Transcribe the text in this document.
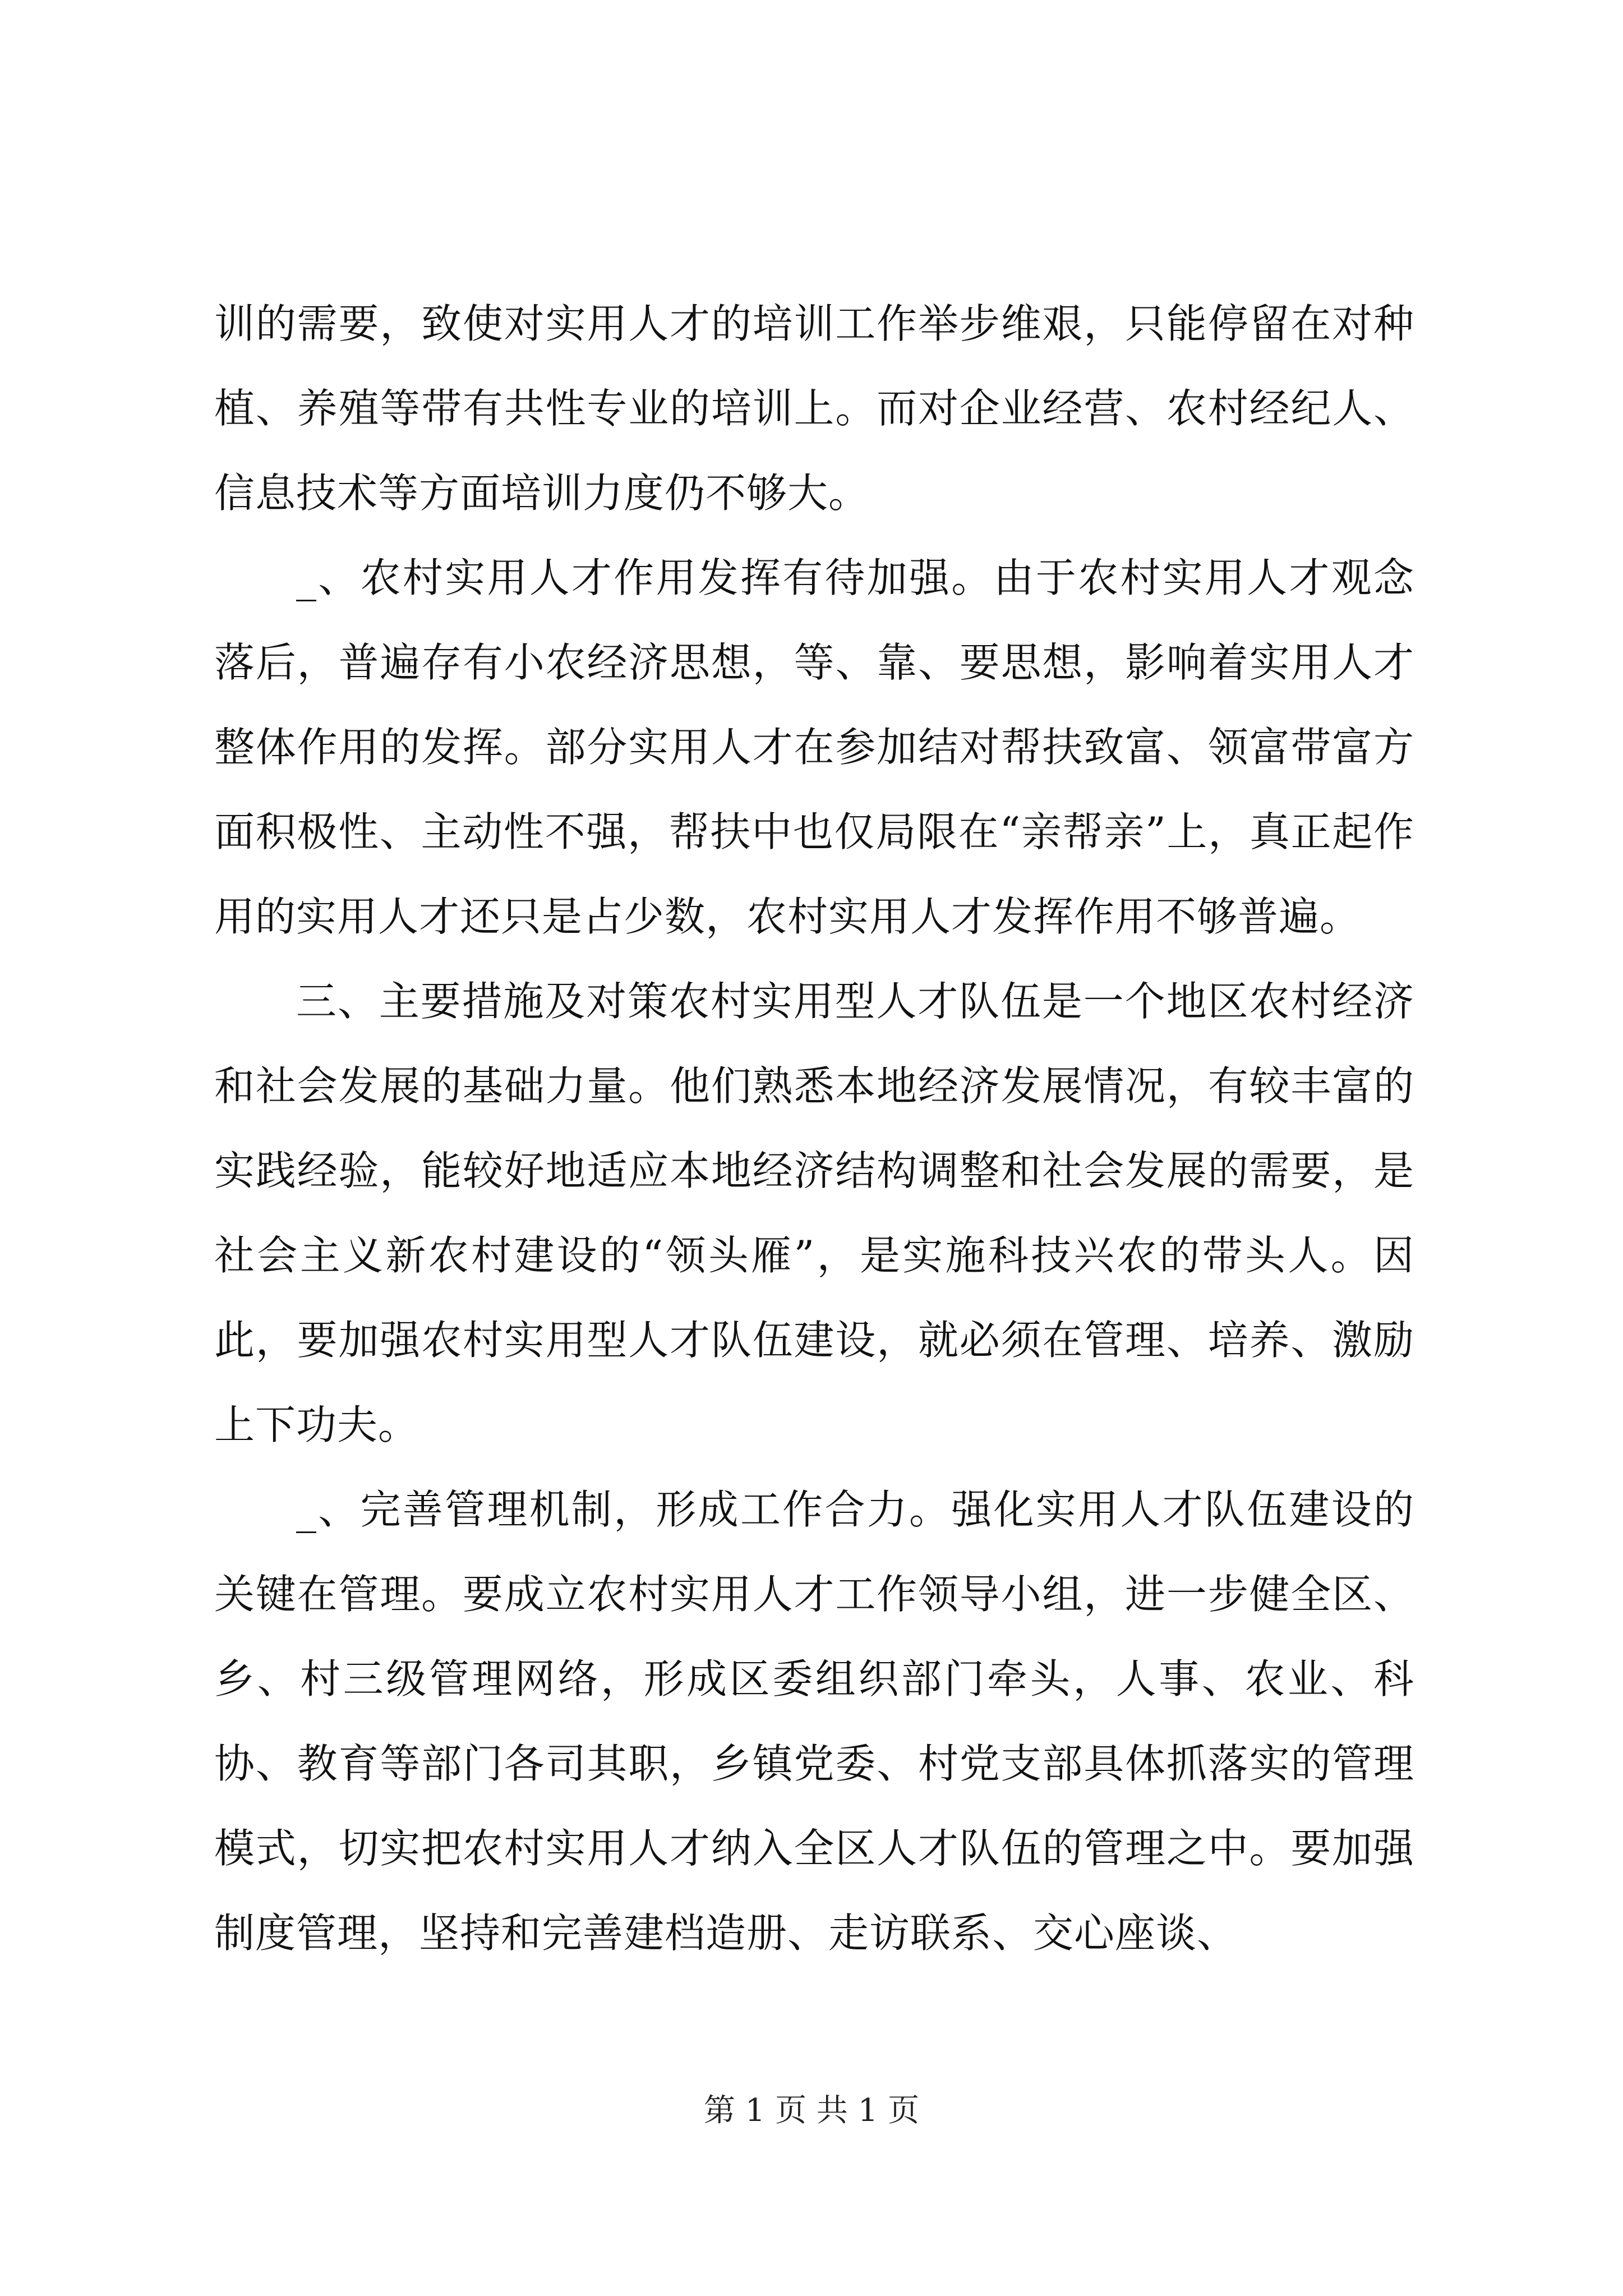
训的需要，致使对实用人才的培训工作举步维艰，只能停留在对种植、养殖等带有共性专业的培训上。而对企业经营、农村经纪人、信息技术等方面培训力度仍不够大。

_、农村实用人才作用发挥有待加强。由于农村实用人才观念落后，普遍存有小农经济思想，等、靠、要思想，影响着实用人才整体作用的发挥。部分实用人才在参加结对帮扶致富、领富带富方面积极性、主动性不强，帮扶中也仅局限在“亲帮亲”上，真正起作用的实用人才还只是占少数，农村实用人才发挥作用不够普遍。

三、主要措施及对策农村实用型人才队伍是一个地区农村经济和社会发展的基础力量。他们熟悉本地经济发展情况，有较丰富的实践经验，能较好地适应本地经济结构调整和社会发展的需要，是社会主义新农村建设的“领头雁”，是实施科技兴农的带头人。因此，要加强农村实用型人才队伍建设，就必须在管理、培养、激励上下功夫。

_、完善管理机制，形成工作合力。强化实用人才队伍建设的关键在管理。要成立农村实用人才工作领导小组，进一步健全区、乡、村三级管理网络，形成区委组织部门牵头，人事、农业、科协、教育等部门各司其职，乡镇党委、村党支部具体抓落实的管理模式，切实把农村实用人才纳入全区人才队伍的管理之中。要加强制度管理，坚持和完善建档造册、走访联系、交心座谈、

第 1 页 共 1 页
